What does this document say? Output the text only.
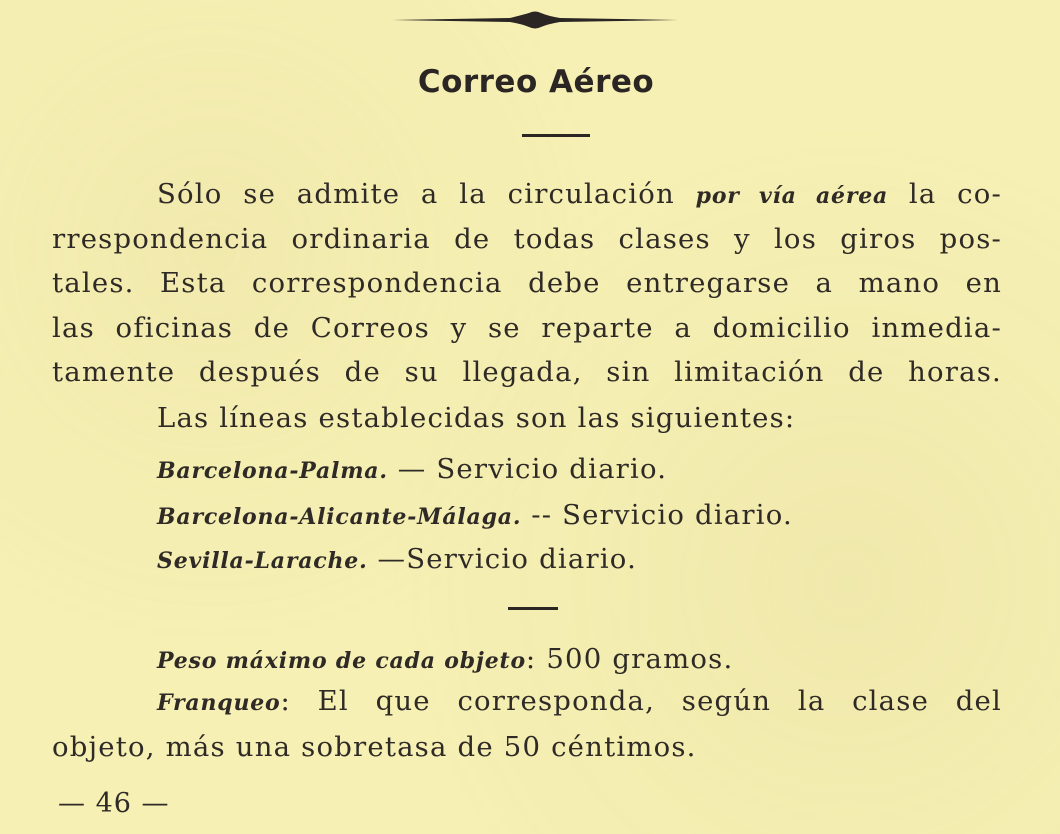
Correo Aéreo
Sólo se admite a la circulación por vía aérea la co-
rrespondencia ordinaria de todas clases y los giros pos-
tales. Esta correspondencia debe entregarse a mano en
las oficinas de Correos y se reparte a domicilio inmedia-
tamente después de su llegada, sin limitación de horas.
Las líneas establecidas son las siguientes:
Barcelona-Palma. — Servicio diario.
Barcelona-Alicante-Málaga. -- Servicio diario.
Sevilla-Larache. —Servicio diario.
Peso máximo de cada objeto: 500 gramos.
Franqueo: El que corresponda, según la clase del
objeto, más una sobretasa de 50 céntimos.
— 46 —
